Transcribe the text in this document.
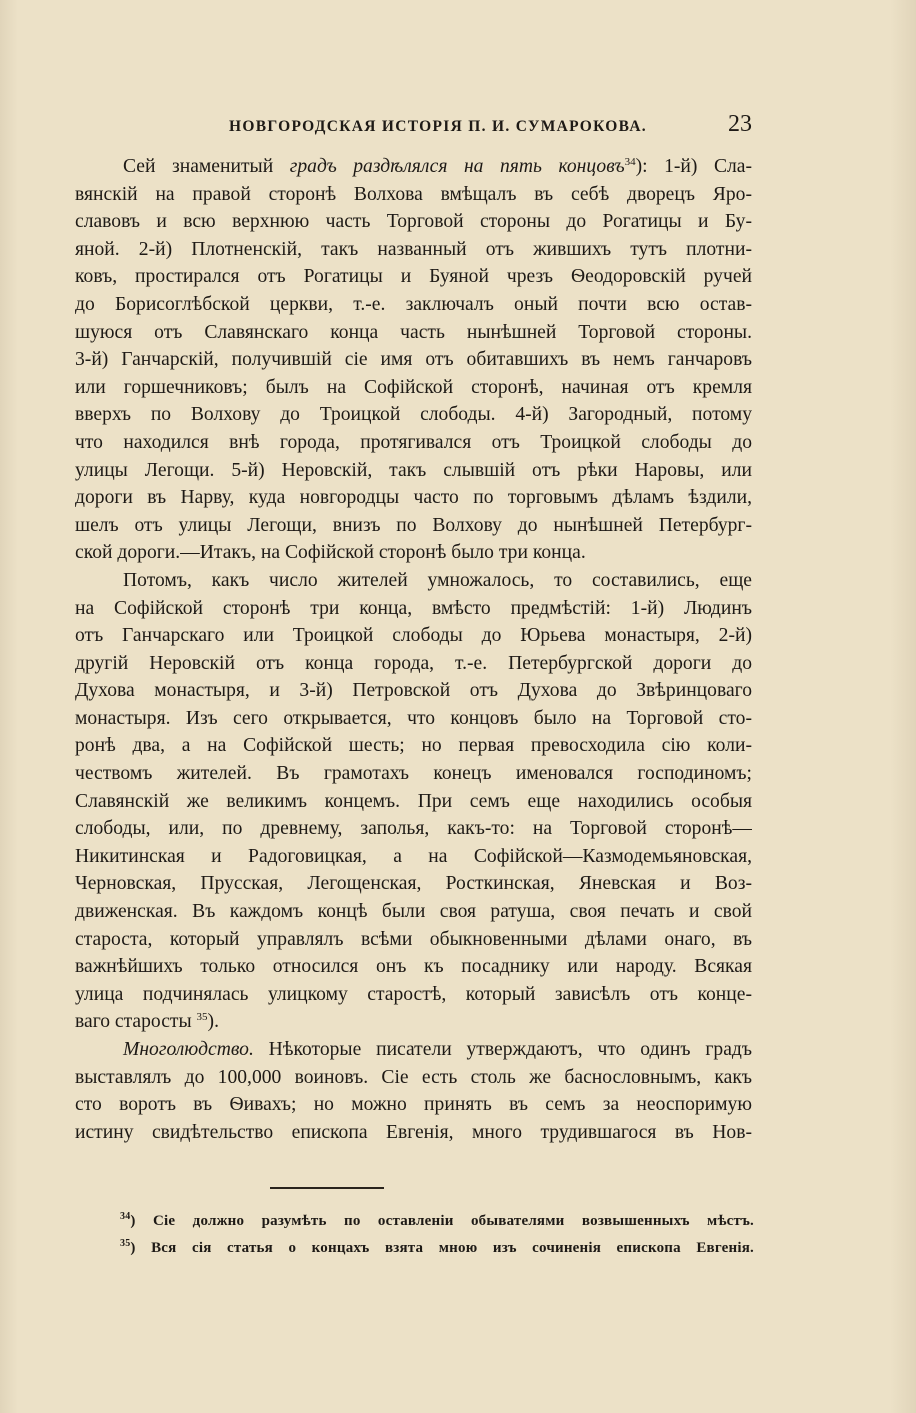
НОВГОРОДСКАЯ ИСТОРІЯ П. И. СУМАРОКОВА.	23
Сей знаменитый градъ раздѣлялся на пять концовъ$^{34}$): 1-й) Сла-
вянскій на правой сторонѣ Волхова вмѣщалъ въ себѣ дворецъ Яро-
славовъ и всю верхнюю часть Торговой стороны до Рогатицы и Бу-
яной. 2-й) Плотненскій, такъ названный отъ жившихъ тутъ плотни-
ковъ, простирался отъ Рогатицы и Буяной чрезъ Ѳеодоровскій ручей
до Борисоглѣбской церкви, т.-е. заключалъ оный почти всю остав-
шуюся отъ Славянскаго конца часть нынѣшней Торговой стороны.
3-й) Ганчарскій, получившій сіе имя отъ обитавшихъ въ немъ ганчаровъ
или горшечниковъ; былъ на Софійской сторонѣ, начиная отъ кремля
вверхъ по Волхову до Троицкой слободы. 4-й) Загородный, потому
что находился внѣ города, протягивался отъ Троицкой слободы до
улицы Легощи. 5-й) Неровскій, такъ слывшій отъ рѣки Наровы, или
дороги въ Нарву, куда новгородцы часто по торговымъ дѣламъ ѣздили,
шелъ отъ улицы Легощи, внизъ по Волхову до нынѣшней Петербург-
ской дороги.—Итакъ, на Софійской сторонѣ было три конца.
Потомъ, какъ число жителей умножалось, то составились, еще
на Софійской сторонѣ три конца, вмѣсто предмѣстій: 1-й) Людинъ
отъ Ганчарскаго или Троицкой слободы до Юрьева монастыря, 2-й)
другій Неровскій отъ конца города, т.-е. Петербургской дороги до
Духова монастыря, и 3-й) Петровской отъ Духова до Звѣринцоваго
монастыря. Изъ сего открывается, что концовъ было на Торговой сто-
ронѣ два, а на Софійской шесть; но первая превосходила сію коли-
чествомъ жителей. Въ грамотахъ конецъ именовался господиномъ;
Славянскій же великимъ концемъ. При семъ еще находились особыя
слободы, или, по древнему, заполья, какъ-то: на Торговой сторонѣ—
Никитинская и Радоговицкая, а на Софійской—Казмодемьяновская,
Черновская, Прусская, Легощенская, Росткинская, Яневская и Воз-
движенская. Въ каждомъ концѣ были своя ратуша, своя печать и свой
староста, который управлялъ всѣми обыкновенными дѣлами онаго, въ
важнѣйшихъ только относился онъ къ посаднику или народу. Всякая
улица подчинялась улицкому старостѣ, который зависѣлъ отъ конце-
ваго старосты $^{35}$).
Многолюдство. Нѣкоторые писатели утверждаютъ, что одинъ градъ
выставлялъ до 100,000 воиновъ. Сіе есть столь же баснословнымъ, какъ
сто воротъ въ Ѳивахъ; но можно принять въ семъ за неоспоримую
истину свидѣтельство епископа Евгенія, много трудившагося въ Нов-
$^{34}$) Сіе должно разумѣть по оставленіи обывателями возвышенныхъ мѣстъ.
$^{35}$) Вся сія статья о концахъ взята мною изъ сочиненія епископа Евгенія.
